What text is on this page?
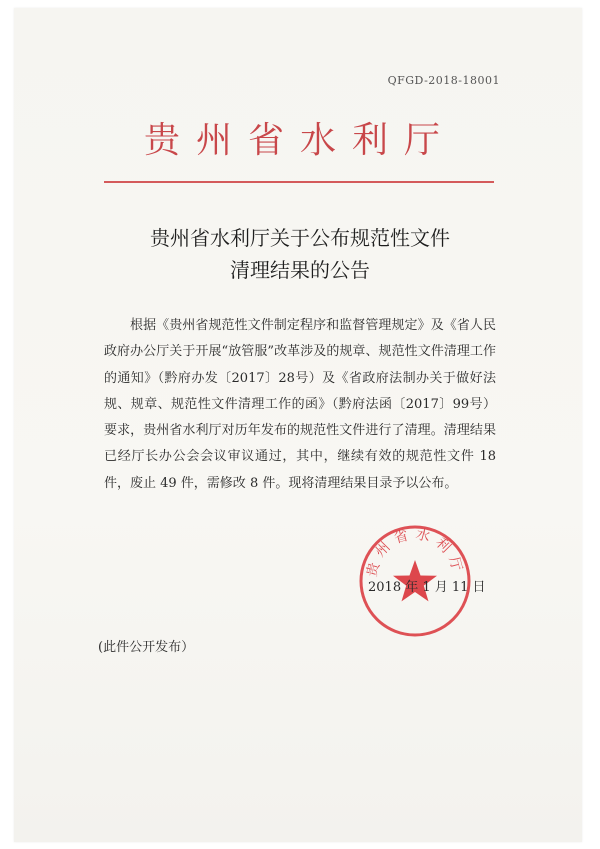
QFGD-2018-18001
贵州省水利厅
贵州省水利厅关于公布规范性文件
清理结果的公告
根据《贵州省规范性文件制定程序和监督管理规定》及《省人民政府办公厅关于开展“放管服”改革涉及的规章、规范性文件清理工作的通知》（黔府办发〔2017〕28号）及《省政府法制办关于做好法规、规章、规范性文件清理工作的函》（黔府法函〔2017〕99号）要求，贵州省水利厅对历年发布的规范性文件进行了清理。清理结果已经厅长办公会会议审议通过，其中，继续有效的规范性文件 18 件，废止 49 件，需修改 8 件。现将清理结果目录予以公布。
贵州省水利厅
2018 年 1 月 11 日
(此件公开发布）
